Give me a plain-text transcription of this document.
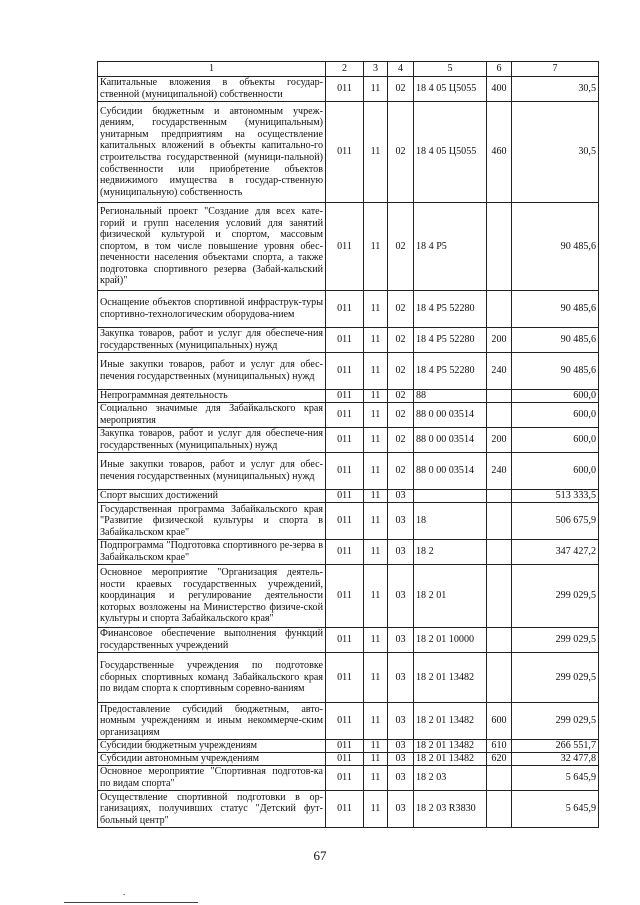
1	2	3	4	5	6	7
Капитальные вложения в объекты государ-ственной (муниципальной) собственности	011	11	02	18 4 05 Ц5055	400	30,5
Субсидии бюджетным и автономным учреж-дениям, государственным (муниципальным) унитарным предприятиям на осуществление капитальных вложений в объекты капитально-го строительства государственной (муници-пальной) собственности или приобретение объектов недвижимого имущества в государ-ственную (муниципальную) собственность	011	11	02	18 4 05 Ц5055	460	30,5
Региональный проект "Создание для всех кате-горий и групп населения условий для занятий физической культурой и спортом, массовым спортом, в том числе повышение уровня обес-печенности населения объектами спорта, а также подготовка спортивного резерва (Забай-кальский край)"	011	11	02	18 4 P5		90 485,6
Оснащение объектов спортивной инфраструк-туры спортивно-технологическим оборудова-нием	011	11	02	18 4 P5 52280		90 485,6
Закупка товаров, работ и услуг для обеспече-ния государственных (муниципальных) нужд	011	11	02	18 4 P5 52280	200	90 485,6
Иные закупки товаров, работ и услуг для обес-печения государственных (муниципальных) нужд	011	11	02	18 4 P5 52280	240	90 485,6
Непрограммная деятельность	011	11	02	88		600,0
Социально значимые для Забайкальского края мероприятия	011	11	02	88 0 00 03514		600,0
Закупка товаров, работ и услуг для обеспече-ния государственных (муниципальных) нужд	011	11	02	88 0 00 03514	200	600,0
Иные закупки товаров, работ и услуг для обес-печения государственных (муниципальных) нужд	011	11	02	88 0 00 03514	240	600,0
Спорт высших достижений	011	11	03			513 333,5
Государственная программа Забайкальского края "Развитие физической культуры и спорта в Забайкальском крае"	011	11	03	18		506 675,9
Подпрограмма "Подготовка спортивного ре-зерва в Забайкальском крае"	011	11	03	18 2		347 427,2
Основное мероприятие "Организация деятель-ности краевых государственных учреждений, координация и регулирование деятельности которых возложены на Министерство физиче-ской культуры и спорта Забайкальского края"	011	11	03	18 2 01		299 029,5
Финансовое обеспечение выполнения функций государственных учреждений	011	11	03	18 2 01 10000		299 029,5
Государственные учреждения по подготовке сборных спортивных команд Забайкальского края по видам спорта к спортивным соревно-ваниям	011	11	03	18 2 01 13482		299 029,5
Предоставление субсидий бюджетным, авто-номным учреждениям и иным некоммерче-ским организациям	011	11	03	18 2 01 13482	600	299 029,5
Субсидии бюджетным учреждениям	011	11	03	18 2 01 13482	610	266 551,7
Субсидии автономным учреждениям	011	11	03	18 2 01 13482	620	32 477,8
Основное мероприятие "Спортивная подготов-ка по видам спорта"	011	11	03	18 2 03		5 645,9
Осуществление спортивной подготовки в ор-ганизациях, получивших статус "Детский фут-больный центр"	011	11	03	18 2 03 R3830		5 645,9
67
.
